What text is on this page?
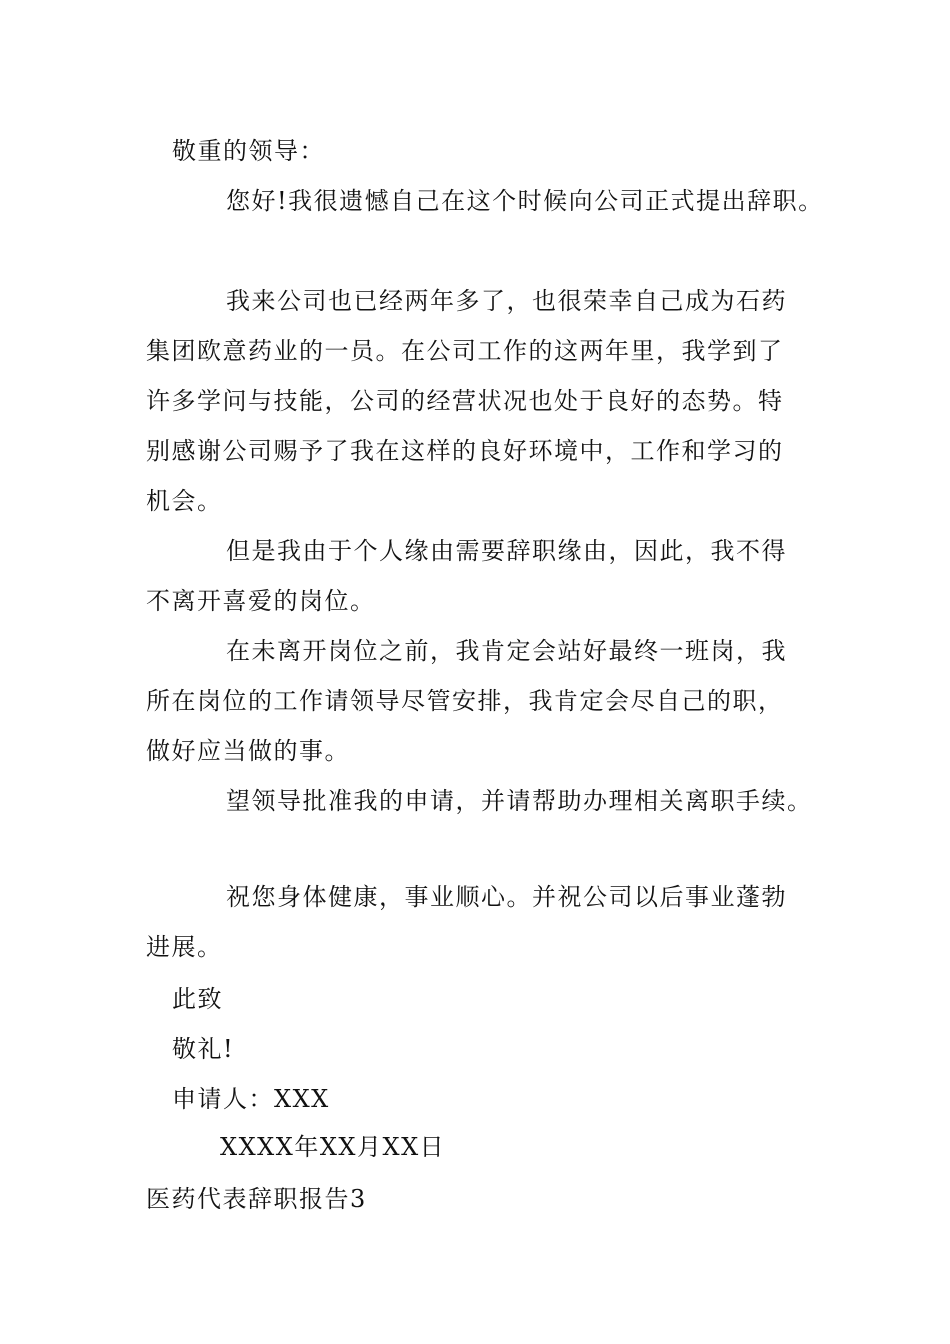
敬重的领导：
您好!我很遗憾自己在这个时候向公司正式提出辞职。
我来公司也已经两年多了，也很荣幸自己成为石药
集团欧意药业的一员。在公司工作的这两年里，我学到了
许多学问与技能，公司的经营状况也处于良好的态势。特
别感谢公司赐予了我在这样的良好环境中，工作和学习的
机会。
但是我由于个人缘由需要辞职缘由，因此，我不得
不离开喜爱的岗位。
在未离开岗位之前，我肯定会站好最终一班岗，我
所在岗位的工作请领导尽管安排，我肯定会尽自己的职，
做好应当做的事。
望领导批准我的申请，并请帮助办理相关离职手续。
祝您身体健康，事业顺心。并祝公司以后事业蓬勃
进展。
此致
敬礼!
申请人：XXX
XXXX年XX月XX日
医药代表辞职报告3
